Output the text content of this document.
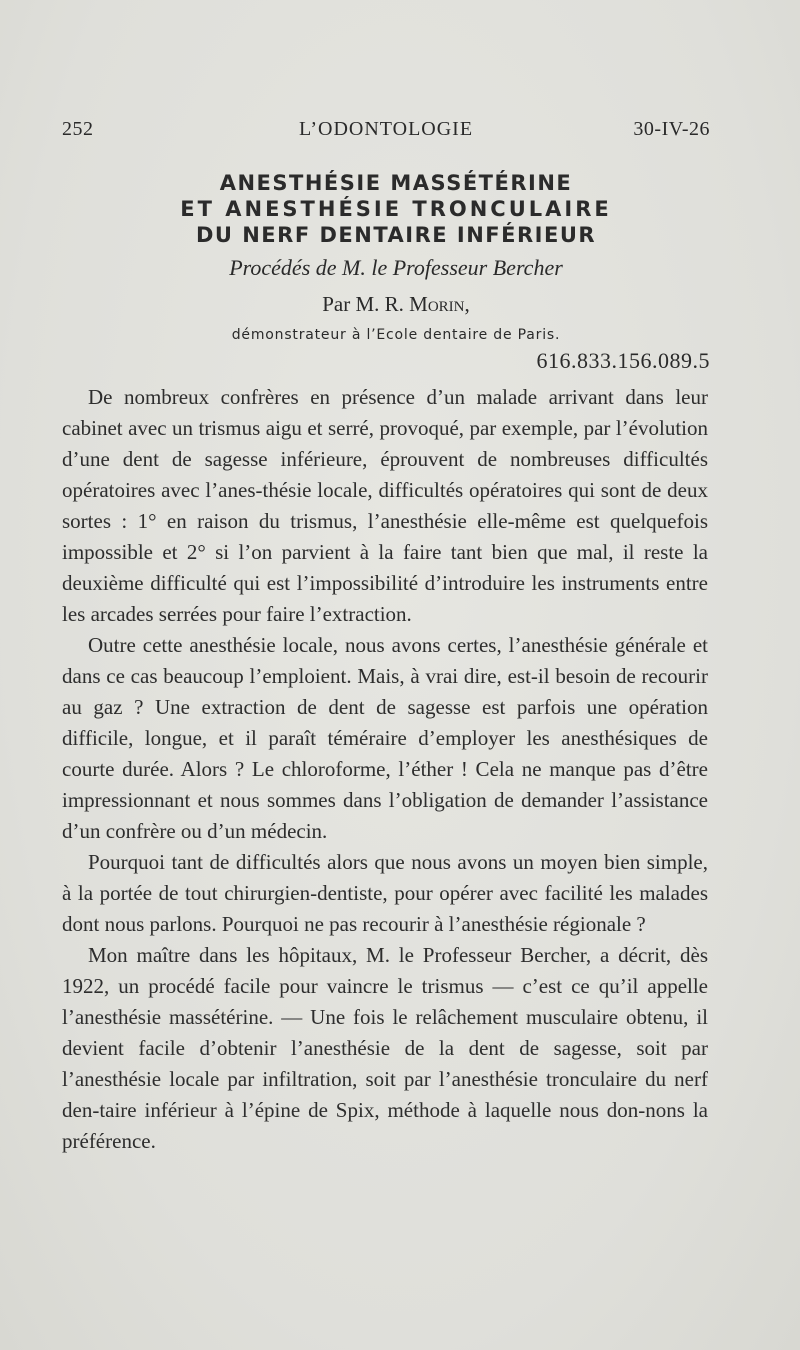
252	L’ODONTOLOGIE	30-IV-26
ANESTHÉSIE MASSÉTÉRINE
ET ANESTHÉSIE TRONCULAIRE
DU NERF DENTAIRE INFÉRIEUR
Procédés de M. le Professeur Bercher
Par M. R. Morin,
démonstrateur à l’Ecole dentaire de Paris.
616.833.156.089.5

De nombreux confrères en présence d’un malade arrivant dans leur cabinet avec un trismus aigu et serré, provoqué, par exemple, par l’évolution d’une dent de sagesse inférieure, éprouvent de nombreuses difficultés opératoires avec l’anes-thésie locale, difficultés opératoires qui sont de deux sortes : 1° en raison du trismus, l’anesthésie elle-même est quelquefois impossible et 2° si l’on parvient à la faire tant bien que mal, il reste la deuxième difficulté qui est l’impossibilité d’introduire les instruments entre les arcades serrées pour faire l’extraction.

Outre cette anesthésie locale, nous avons certes, l’anesthésie générale et dans ce cas beaucoup l’emploient. Mais, à vrai dire, est-il besoin de recourir au gaz ? Une extraction de dent de sagesse est parfois une opération difficile, longue, et il paraît téméraire d’employer les anesthésiques de courte durée. Alors ? Le chloroforme, l’éther ! Cela ne manque pas d’être impressionnant et nous sommes dans l’obligation de demander l’assistance d’un confrère ou d’un médecin.

Pourquoi tant de difficultés alors que nous avons un moyen bien simple, à la portée de tout chirurgien-dentiste, pour opérer avec facilité les malades dont nous parlons. Pourquoi ne pas recourir à l’anesthésie régionale ?

Mon maître dans les hôpitaux, M. le Professeur Bercher, a décrit, dès 1922, un procédé facile pour vaincre le trismus — c’est ce qu’il appelle l’anesthésie massétérine. — Une fois le relâchement musculaire obtenu, il devient facile d’obtenir l’anesthésie de la dent de sagesse, soit par l’anesthésie locale par infiltration, soit par l’anesthésie tronculaire du nerf den-taire inférieur à l’épine de Spix, méthode à laquelle nous don-nons la préférence.
